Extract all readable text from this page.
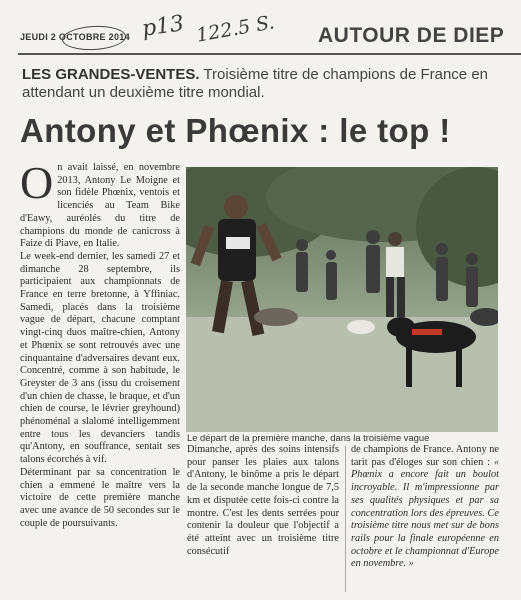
JEUDI 2 OCTOBRE 2014 p13 122.5 S. AUTOUR DE DIEP
LES GRANDES-VENTES. Troisième titre de champions de France en attendant un deuxième titre mondial.
Antony et Phœnix : le top !
O n avait laissé, en novembre 2013, Antony Le Moigne et son fidèle Phœnix, ventois et licenciés au Team Bike d'Eawy, auréolés du titre de champions du monde de canicross à Faize di Piave, en Italie.

Le week-end dernier, les samedi 27 et dimanche 28 septembre, ils participaient aux championnats de France en terre bretonne, à Yffiniac. Samedi, placés dans la troisième vague de départ, chacune comptant vingt-cinq duos maître-chien, Antony et Phœnix se sont retrouvés avec une cinquantaine d'adversaires devant eux. Concentré, comme à son habitude, le Greyster de 3 ans (issu du croisement d'un chien de chasse, le braque, et d'un chien de course, le lévrier greyhound) phénoménal a slalomé intelligemment entre tous les devanciers tandis qu'Antony, en souffrance, sentait ses talons écorchés à vif.

Déterminant par sa concentration le chien a emmené le maître vers la victoire de cette première manche avec une avance de 50 secondes sur le couple de poursuivants.

Le départ de la première manche, dans la troisième vague

Dimanche, après des soins intensifs pour panser les plaies aux talons d'Antony, le binôme a pris le départ de la seconde manche longue de 7,5 km et disputée cette fois-ci contre la montre. C'est les dents serrées pour contenir la douleur que l'objectif a été atteint avec un troisième titre consécutif

de champions de France. Antony ne tarit pas d'éloges sur son chien : « Phœnix a encore fait un boulot incroyable. Il m'impressionne par ses qualités physiques et par sa concentration lors des épreuves. Ce troisième titre nous met sur de bons rails pour la finale européenne en octobre et le championnat d'Europe en novembre. »
